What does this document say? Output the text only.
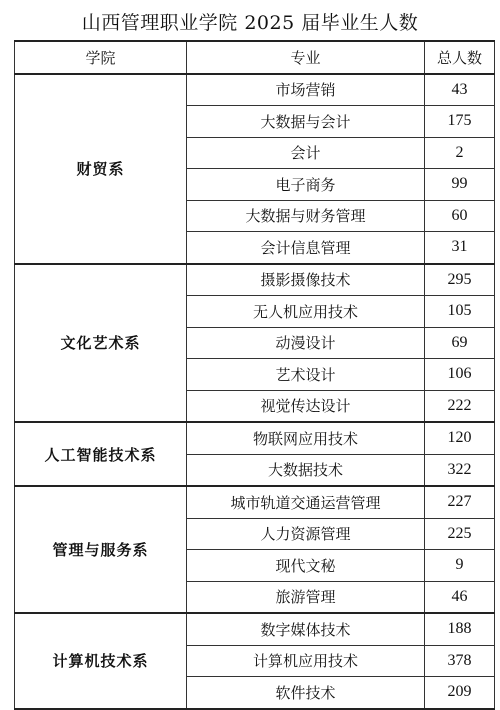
山西管理职业学院 2025 届毕业生人数
学院	专业	总人数
财贸系	市场营销	43
	大数据与会计	175
	会计	2
	电子商务	99
	大数据与财务管理	60
	会计信息管理	31
文化艺术系	摄影摄像技术	295
	无人机应用技术	105
	动漫设计	69
	艺术设计	106
	视觉传达设计	222
人工智能技术系	物联网应用技术	120
	大数据技术	322
管理与服务系	城市轨道交通运营管理	227
	人力资源管理	225
	现代文秘	9
	旅游管理	46
计算机技术系	数字媒体技术	188
	计算机应用技术	378
	软件技术	209
